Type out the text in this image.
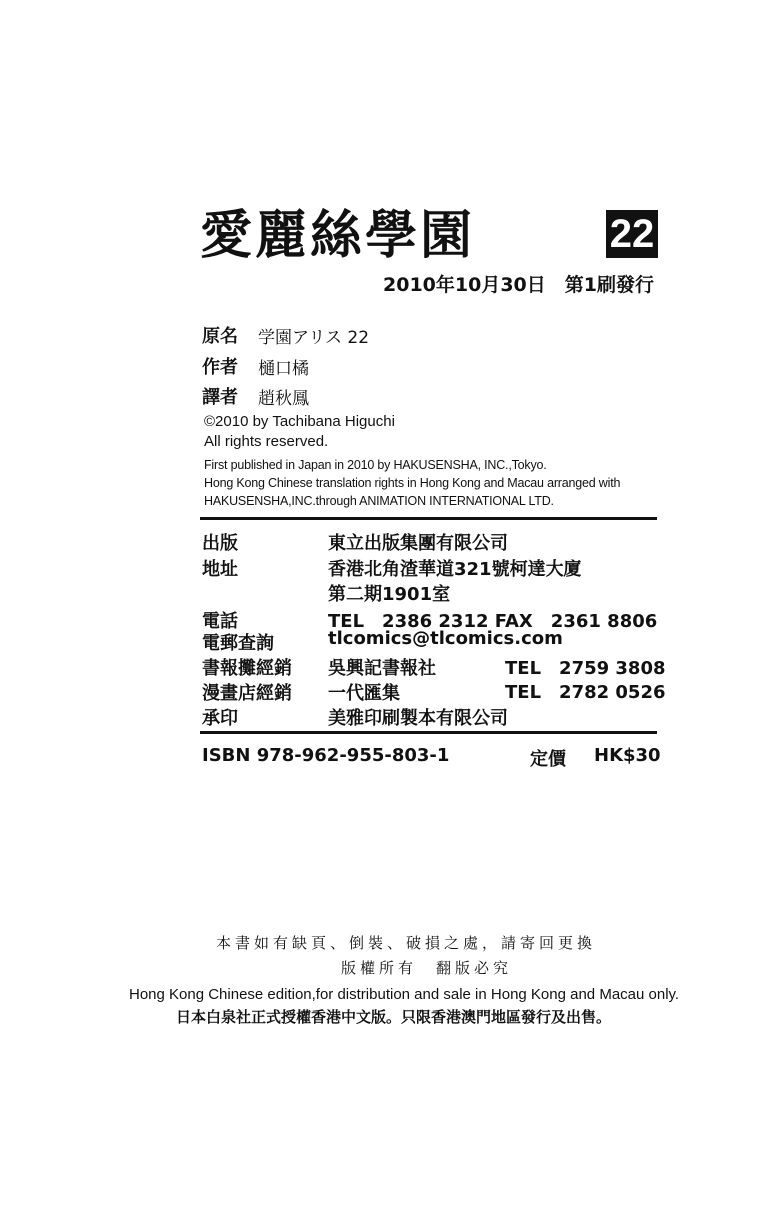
愛麗絲學園	22
2010年10月30日　第1刷發行
原名 学園アリス 22
作者 樋口橘
譯者 趙秋鳳
©2010 by Tachibana Higuchi
All rights reserved.
First published in Japan in 2010 by HAKUSENSHA, INC.,Tokyo.
Hong Kong Chinese translation rights in Hong Kong and Macau arranged with
HAKUSENSHA,INC.through ANIMATION INTERNATIONAL LTD.
出版	東立出版集團有限公司
地址	香港北角渣華道321號柯達大廈
第二期1901室
電話	TEL　2386 2312 FAX　2361 8806
電郵查詢	tlcomics@tlcomics.com
書報攤經銷 吳興記書報社	TEL　2759 3808
漫畫店經銷 一代匯集	TEL　2782 0526
承印	美雅印刷製本有限公司
ISBN 978-962-955-803-1	定價 HK$30
本書如有缺頁、倒裝、破損之處，請寄回更換
版權所有　翻版必究
Hong Kong Chinese edition,for distribution and sale in Hong Kong and Macau only.
日本白泉社正式授權香港中文版。只限香港澳門地區發行及出售。
